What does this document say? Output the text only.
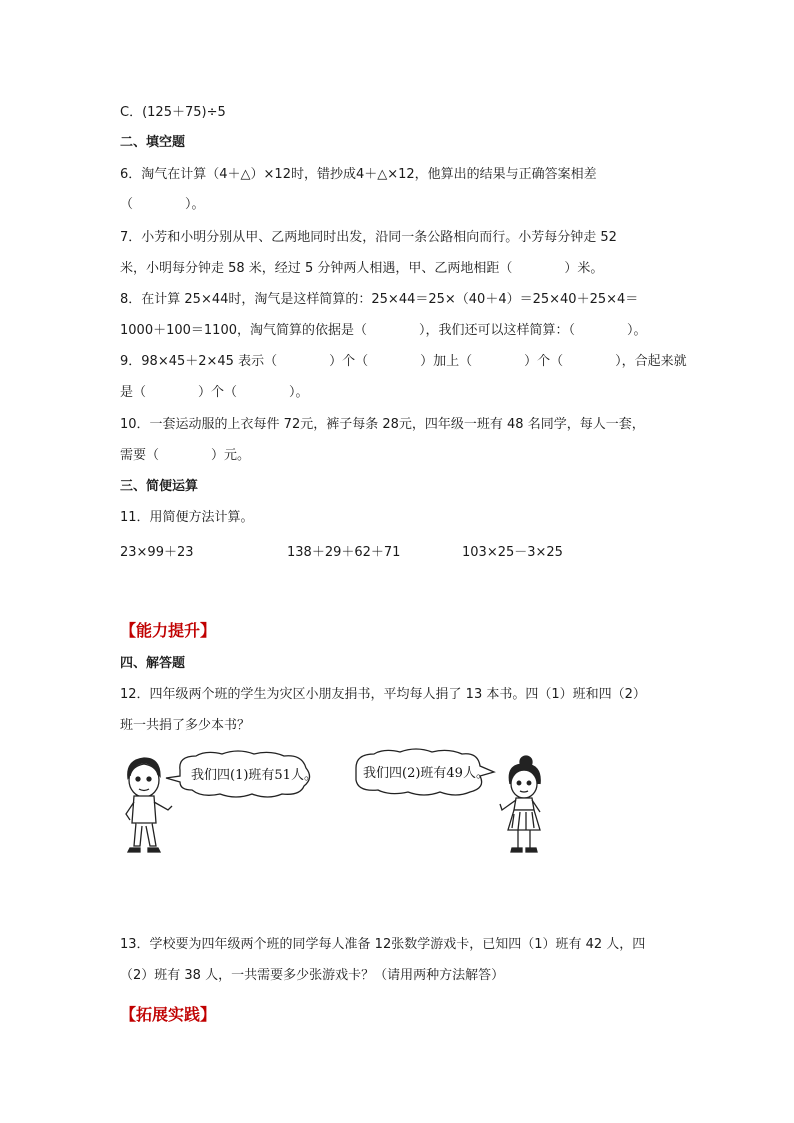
C．(125＋75)÷5
二、填空题
6．淘气在计算（4＋△）×12时，错抄成4＋△×12，他算出的结果与正确答案相差
（　　　　）。
7．小芳和小明分别从甲、乙两地同时出发，沿同一条公路相向而行。小芳每分钟走 52
米，小明每分钟走 58 米，经过 5 分钟两人相遇，甲、乙两地相距（　　　　）米。
8．在计算 25×44时，淘气是这样简算的：25×44＝25×（40＋4）＝25×40＋25×4＝
1000＋100＝1100，淘气简算的依据是（　　　　），我们还可以这样简算：（　　　　）。
9．98×45＋2×45 表示（　　　　）个（　　　　）加上（　　　　）个（　　　　），合起来就
是（　　　　）个（　　　　）。
10．一套运动服的上衣每件 72元，裤子每条 28元，四年级一班有 48 名同学，每人一套，
需要（　　　　）元。
三、简便运算
11．用简便方法计算。
23×99＋23	138＋29＋62＋71	103×25－3×25
【能力提升】
四、解答题
12．四年级两个班的学生为灾区小朋友捐书，平均每人捐了 13 本书。四（1）班和四（2）
班一共捐了多少本书？
我们四(1)班有51人。	我们四(2)班有49人。
13．学校要为四年级两个班的同学每人准备 12张数学游戏卡，已知四（1）班有 42 人，四
（2）班有 38 人，一共需要多少张游戏卡？（请用两种方法解答）
【拓展实践】
